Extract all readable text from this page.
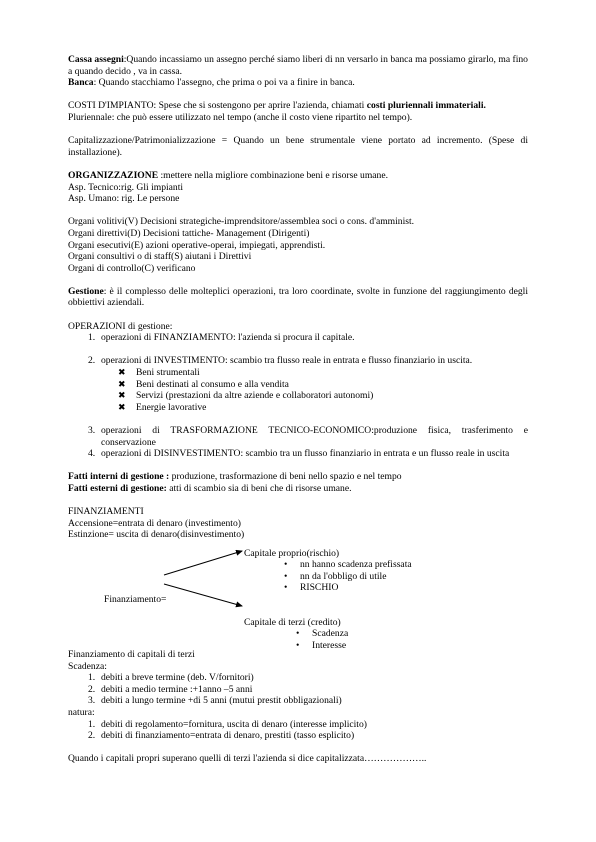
Cassa assegni:Quando incassiamo un assegno perché siamo liberi di nn versarlo in banca ma possiamo girarlo, ma fino a quando decido , va in cassa.

Banca: Quando stacchiamo l'assegno, che prima o poi va a finire in banca.

COSTI D'IMPIANTO: Spese che si sostengono per aprire l'azienda, chiamati costi pluriennali immateriali.

Pluriennale: che può essere utilizzato nel tempo (anche il costo viene ripartito nel tempo).

Capitalizzazione/Patrimonializzazione = Quando un bene strumentale viene portato ad incremento. (Spese di installazione).

ORGANIZZAZIONE :mettere nella migliore combinazione beni e risorse umane.

Asp. Tecnico:rig. Gli impianti

Asp. Umano: rig. Le persone

Organi volitivi(V) Decisioni strategiche-imprendsitore/assemblea soci o cons. d'amminist.

Organi direttivi(D) Decisioni tattiche- Management (Dirigenti)

Organi esecutivi(E) azioni operative-operai, impiegati, apprendisti.

Organi consultivi o di staff(S) aiutani i Direttivi

Organi di controllo(C) verificano

Gestione: è il complesso delle molteplici operazioni, tra loro coordinate, svolte in funzione del raggiungimento degli obbiettivi aziendali.

OPERAZIONI di gestione:

1. operazioni di FINANZIAMENTO: l'azienda si procura il capitale.
2. operazioni di INVESTIMENTO: scambio tra flusso reale in entrata e flusso finanziario in uscita.
✖ Beni strumentali
✖ Beni destinati al consumo e alla vendita
✖ Servizi (prestazioni da altre aziende e collaboratori autonomi)
✖ Energie lavorative
3. operazioni di TRASFORMAZIONE TECNICO-ECONOMICO:produzione fisica, trasferimento e conservazione
4. operazioni di DISINVESTIMENTO: scambio tra un flusso finanziario in entrata e un flusso reale in uscita

Fatti interni di gestione : produzione, trasformazione di beni nello spazio e nel tempo

Fatti esterni di gestione: atti di scambio sia di beni che di risorse umane.

FINANZIAMENTI

Accensione=entrata di denaro (investimento)

Estinzione= uscita di denaro(disinvestimento)

Capitale proprio(rischio)
• nn hanno scadenza prefissata
• nn da l'obbligo di utile
• RISCHIO
Finanziamento=
Capitale di terzi (credito)
• Scadenza
• Interesse

Finanziamento di capitali di terzi

Scadenza:

1. debiti a breve termine (deb. V/fornitori)
2. debiti a medio termine :+1anno –5 anni
3. debiti a lungo termine +di 5 anni (mutui prestit obbligazionali)

natura:

1. debiti di regolamento=fornitura, uscita di denaro (interesse implicito)
2. debiti di finanziamento=entrata di denaro, prestiti (tasso esplicito)

Quando i capitali propri superano quelli di terzi l'azienda si dice capitalizzata………………..
